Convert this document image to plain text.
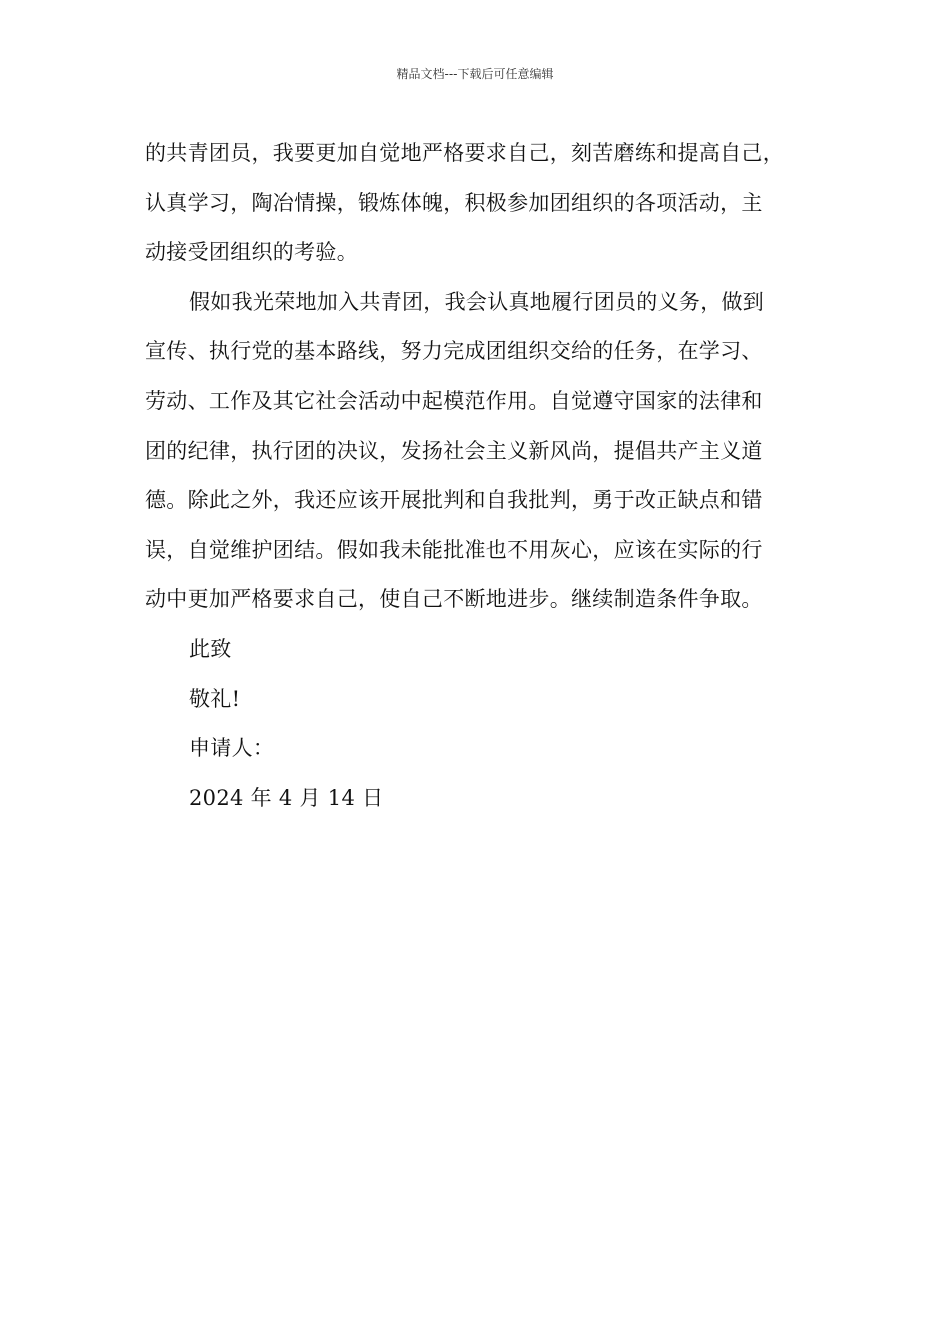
精品文档---下载后可任意编辑
的共青团员，我要更加自觉地严格要求自己，刻苦磨练和提高自己，
认真学习，陶冶情操，锻炼体魄，积极参加团组织的各项活动，主
动接受团组织的考验。
假如我光荣地加入共青团，我会认真地履行团员的义务，做到
宣传、执行党的基本路线，努力完成团组织交给的任务，在学习、
劳动、工作及其它社会活动中起模范作用。自觉遵守国家的法律和
团的纪律，执行团的决议，发扬社会主义新风尚，提倡共产主义道
德。除此之外，我还应该开展批判和自我批判，勇于改正缺点和错
误，自觉维护团结。假如我未能批准也不用灰心，应该在实际的行
动中更加严格要求自己，使自己不断地进步。继续制造条件争取。
此致
敬礼!
申请人：
2024 年 4 月 14 日
